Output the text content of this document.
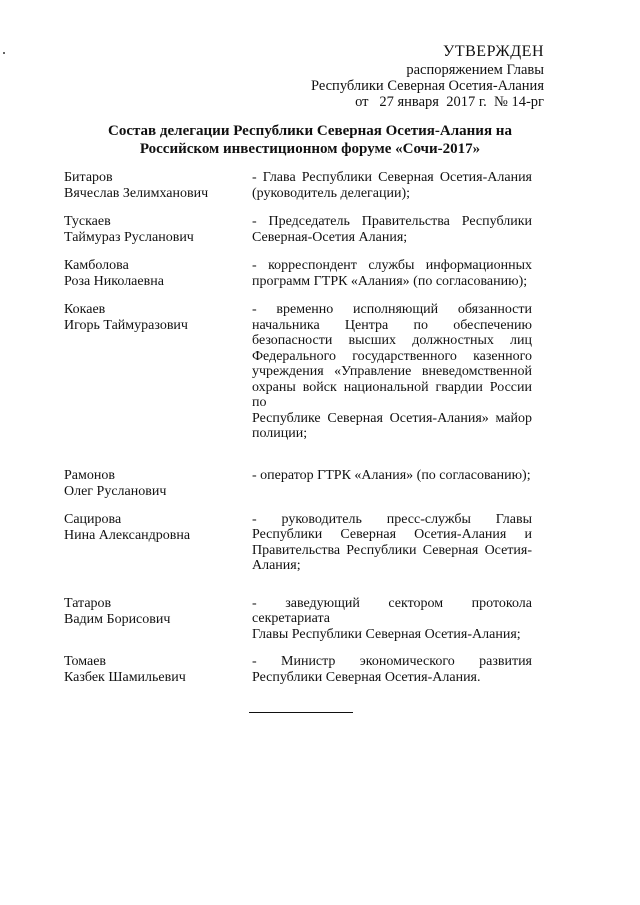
УТВЕРЖДЕН
распоряжением Главы
Республики Северная Осетия-Алания
от   27 января  2017 г.  № 14-рг
Состав делегации Республики Северная Осетия-Алания на
Российском инвестиционном форуме «Сочи-2017»
Битаров
Вячеслав Зелимханович
- Глава Республики Северная Осетия-Алания
(руководитель делегации);
Тускаев
Таймураз Русланович
- Председатель Правительства Республики
Северная-Осетия Алания;
Камболова
Роза Николаевна
- корреспондент службы информационных
программ ГТРК «Алания» (по согласованию);
Кокаев
Игорь Таймуразович
- временно исполняющий обязанности
начальника Центра по обеспечению
безопасности высших должностных лиц
Федерального государственного казенного
учреждения «Управление вневедомственной
охраны войск национальной гвардии России по
Республике Северная Осетия-Алания» майор
полиции;
Рамонов
Олег Русланович
- оператор ГТРК «Алания» (по согласованию);
Сацирова
Нина Александровна
- руководитель пресс-службы Главы
Республики Северная Осетия-Алания и
Правительства Республики Северная Осетия-
Алания;
Татаров
Вадим Борисович
- заведующий сектором протокола секретариата
Главы Республики Северная Осетия-Алания;
Томаев
Казбек Шамильевич
- Министр экономического развития
Республики Северная Осетия-Алания.
